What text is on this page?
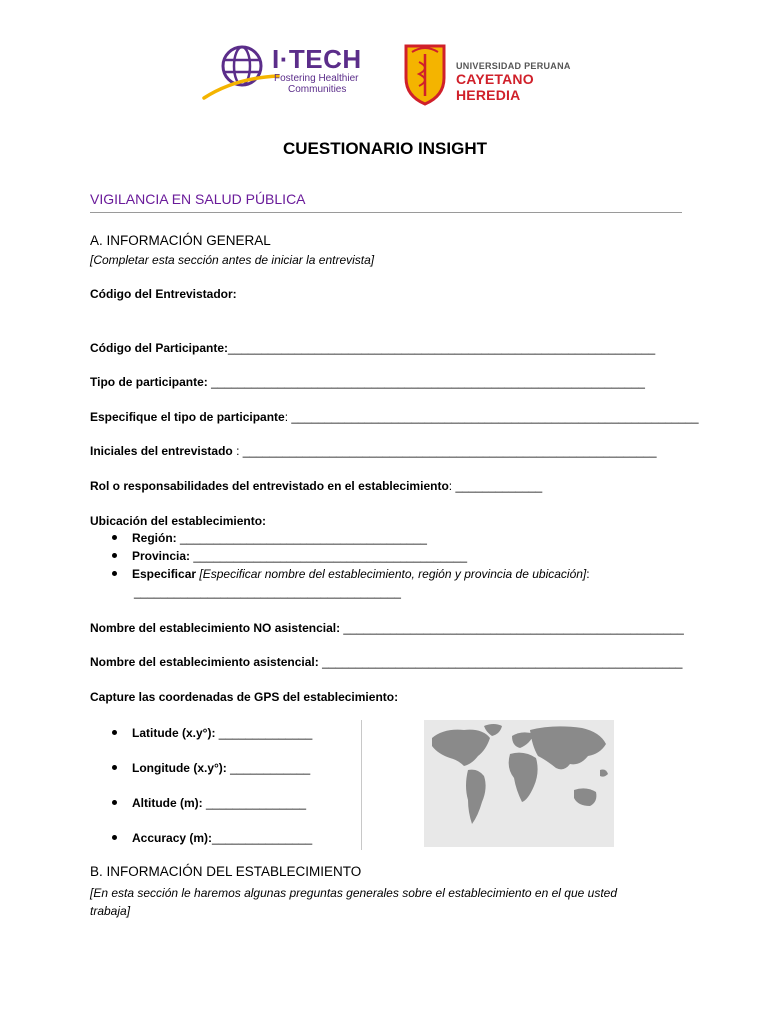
I·TECH
Fostering Healthier
Communities
UNIVERSIDAD PERUANA
CAYETANO HEREDIA
CUESTIONARIO INSIGHT
VIGILANCIA EN SALUD PÚBLICA
A. INFORMACIÓN GENERAL
[Completar esta sección antes de iniciar la entrevista]
Código del Entrevistador:
Código del Participante:________________________________________________________________
Tipo de participante: _________________________________________________________________
Especifique el tipo de participante: _____________________________________________________________
Iniciales del entrevistado : ______________________________________________________________
Rol o responsabilidades del entrevistado en el establecimiento: _____________
Ubicación del establecimiento:
Región: _____________________________________
Provincia: _________________________________________
Especificar [Especificar nombre del establecimiento, región y provincia de ubicación]:
________________________________________
Nombre del establecimiento NO asistencial: ___________________________________________________
Nombre del establecimiento asistencial: ______________________________________________________
Capture las coordenadas de GPS del establecimiento:
Latitude (x.y°): ______________
Longitude (x.y°): ____________
Altitude (m): _______________
Accuracy (m):_______________
B. INFORMACIÓN DEL ESTABLECIMIENTO
[En esta sección le haremos algunas preguntas generales sobre el establecimiento en el que usted
trabaja]
